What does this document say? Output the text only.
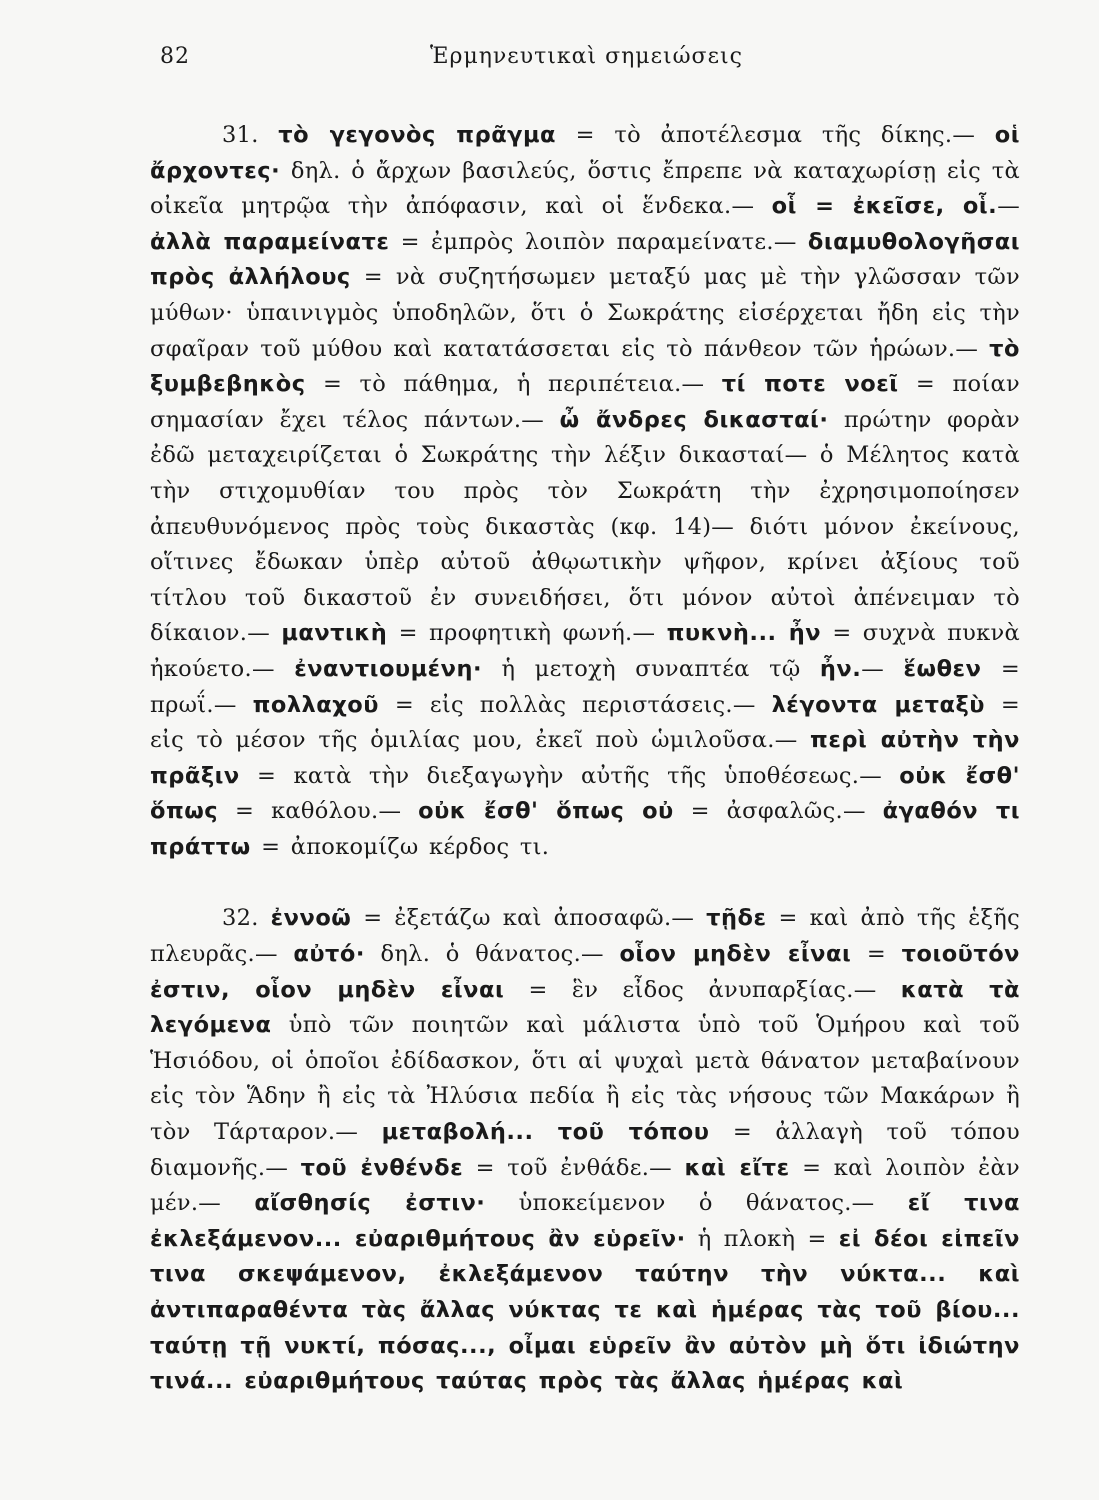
82	Ἑρμηνευτικαὶ σημειώσεις

31. τὸ γεγονὸς πρᾶγμα = τὸ ἀποτέλεσμα τῆς δίκης.— οἱ ἄρχοντες· δηλ. ὁ ἄρχων βασιλεύς, ὅστις ἔπρεπε νὰ καταχωρίσῃ εἰς τὰ οἰκεῖα μητρῷα τὴν ἀπόφασιν, καὶ οἱ ἕνδεκα.— οἷ = ἐκεῖσε, οἷ.— ἀλλὰ παραμείνατε = ἐμπρὸς λοιπὸν παραμείνατε.— διαμυθολογῆσαι πρὸς ἀλλήλους = νὰ συζητήσωμεν μεταξύ μας μὲ τὴν γλῶσσαν τῶν μύθων· ὑπαινιγμὸς ὑποδηλῶν, ὅτι ὁ Σωκράτης εἰσέρχεται ἤδη εἰς τὴν σφαῖραν τοῦ μύθου καὶ κατατάσσεται εἰς τὸ πάνθεον τῶν ἡρώων.— τὸ ξυμβεβηκὸς = τὸ πάθημα, ἡ περιπέτεια.— τί ποτε νοεῖ = ποίαν σημασίαν ἔχει τέλος πάντων.— ὦ ἄνδρες δικασταί· πρώτην φορὰν ἐδῶ μεταχειρίζεται ὁ Σωκράτης τὴν λέξιν δικασταί— ὁ Μέλητος κατὰ τὴν στιχομυθίαν του πρὸς τὸν Σωκράτη τὴν ἐχρησιμοποίησεν ἀπευθυνόμενος πρὸς τοὺς δικαστὰς (κφ. 14)— διότι μόνον ἐκείνους, οἵτινες ἔδωκαν ὑπὲρ αὐτοῦ ἀθῳωτικὴν ψῆφον, κρίνει ἀξίους τοῦ τίτλου τοῦ δικαστοῦ ἐν συνειδήσει, ὅτι μόνον αὐτοὶ ἀπένειμαν τὸ δίκαιον.— μαντικὴ = προφητικὴ φωνή.— πυκνὴ... ἦν = συχνὰ πυκνὰ ἠκούετο.— ἐναντιουμένη· ἡ μετοχὴ συναπτέα τῷ ἦν.— ἕωθεν = πρωΐ.— πολλαχοῦ = εἰς πολλὰς περιστάσεις.— λέγοντα μεταξὺ = εἰς τὸ μέσον τῆς ὁμιλίας μου, ἐκεῖ ποὺ ὡμιλοῦσα.— περὶ αὐτὴν τὴν πρᾶξιν = κατὰ τὴν διεξαγωγὴν αὐτῆς τῆς ὑποθέσεως.— οὐκ ἔσθ' ὅπως = καθόλου.— οὐκ ἔσθ' ὅπως οὐ = ἀσφαλῶς.— ἀγαθόν τι πράττω = ἀποκομίζω κέρδος τι.

32. ἐννοῶ = ἐξετάζω καὶ ἀποσαφῶ.— τῇδε = καὶ ἀπὸ τῆς ἑξῆς πλευρᾶς.— αὐτό· δηλ. ὁ θάνατος.— οἷον μηδὲν εἶναι = τοιοῦτόν ἐστιν, οἷον μηδὲν εἶναι = ἓν εἶδος ἀνυπαρξίας.— κατὰ τὰ λεγόμενα ὑπὸ τῶν ποιητῶν καὶ μάλιστα ὑπὸ τοῦ Ὁμήρου καὶ τοῦ Ἡσιόδου, οἱ ὁποῖοι ἐδίδασκον, ὅτι αἱ ψυχαὶ μετὰ θάνατον μεταβαίνουν εἰς τὸν Ἅδην ἢ εἰς τὰ Ἠλύσια πεδία ἢ εἰς τὰς νήσους τῶν Μακάρων ἢ τὸν Τάρταρον.— μεταβολή... τοῦ τόπου = ἀλλαγὴ τοῦ τόπου διαμονῆς.— τοῦ ἐνθένδε = τοῦ ἐνθάδε.— καὶ εἴτε = καὶ λοιπὸν ἐὰν μέν.— αἴσθησίς ἐστιν· ὑποκείμενον ὁ θάνατος.— εἴ τινα ἐκλεξάμενον... εὐαριθμήτους ἂν εὑρεῖν· ἡ πλοκὴ = εἰ δέοι εἰπεῖν τινα σκεψάμενον, ἐκλεξάμενον ταύτην τὴν νύκτα... καὶ ἀντιπαραθέντα τὰς ἄλλας νύκτας τε καὶ ἡμέρας τὰς τοῦ βίου... ταύτῃ τῇ νυκτί, πόσας..., οἶμαι εὑρεῖν ἂν αὐτὸν μὴ ὅτι ἰδιώτην τινά... εὐαριθμήτους ταύτας πρὸς τὰς ἄλλας ἡμέρας καὶ
